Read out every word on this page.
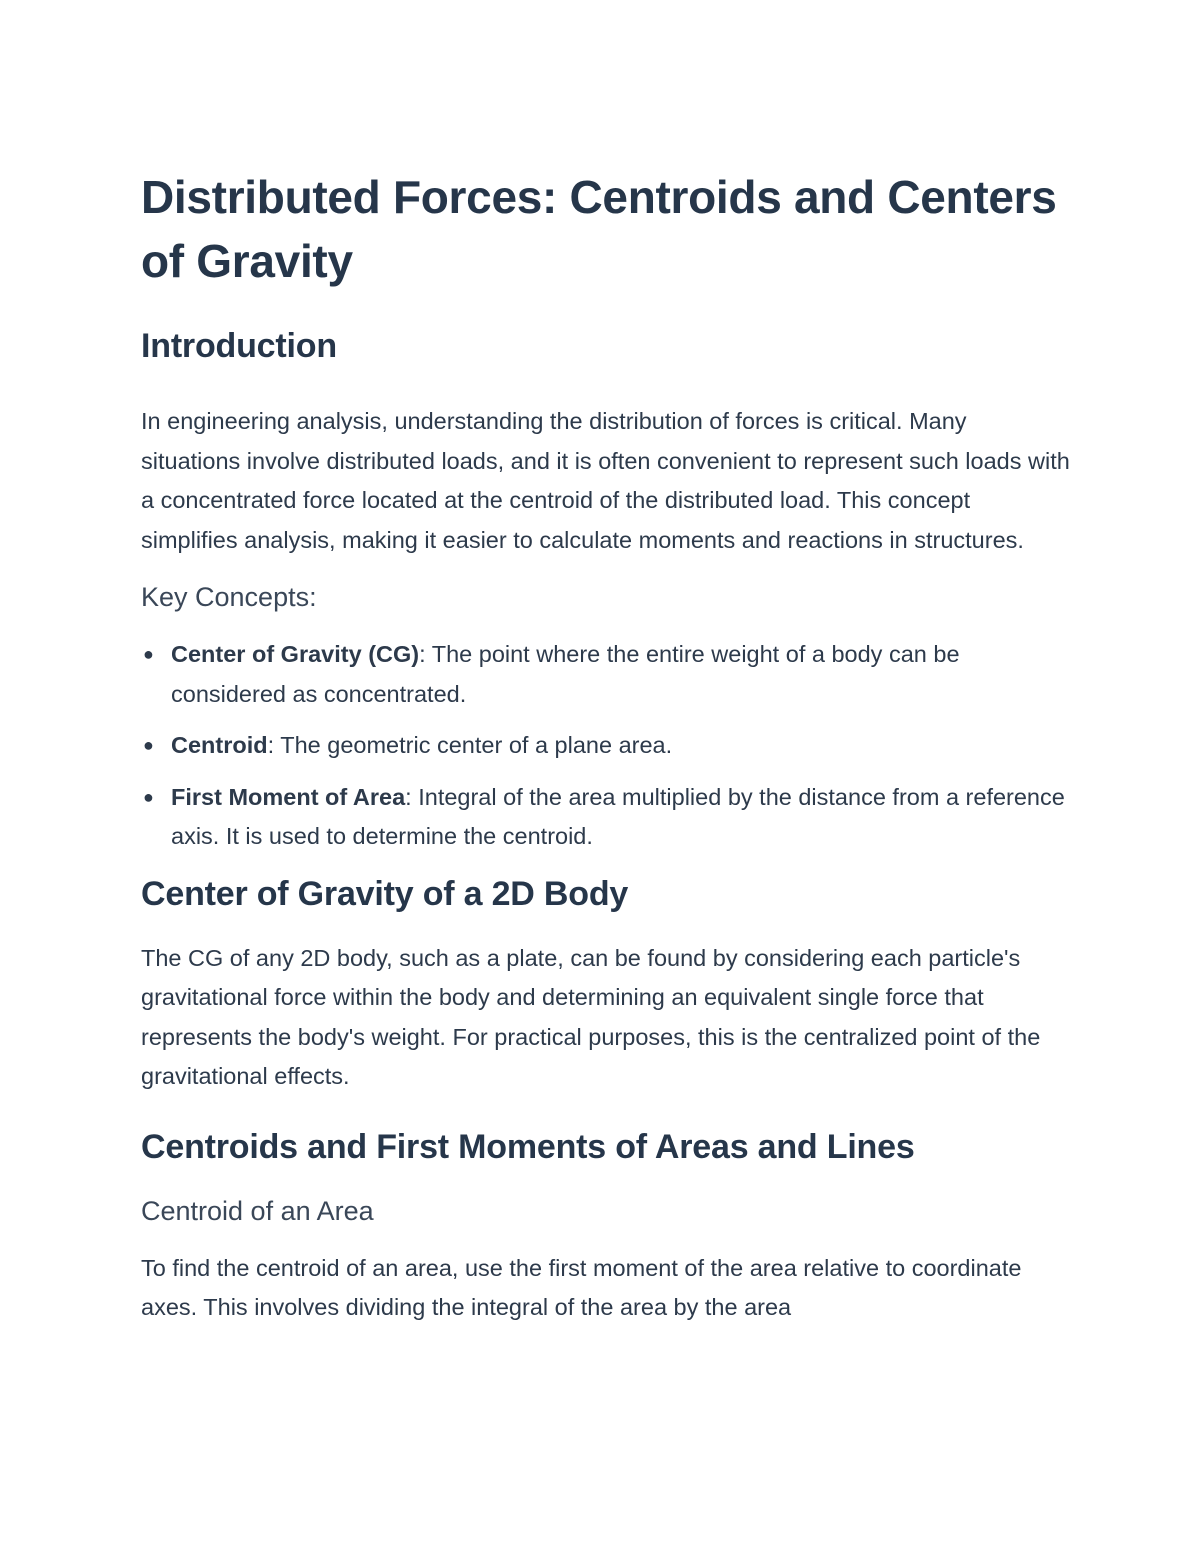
Distributed Forces: Centroids and Centers of Gravity
Introduction

In engineering analysis, understanding the distribution of forces is critical. Many situations involve distributed loads, and it is often convenient to represent such loads with a concentrated force located at the centroid of the distributed load. This concept simplifies analysis, making it easier to calculate moments and reactions in structures.

Key Concepts:
● Center of Gravity (CG): The point where the entire weight of a body can be considered as concentrated.
● Centroid: The geometric center of a plane area.
● First Moment of Area: Integral of the area multiplied by the distance from a reference axis. It is used to determine the centroid.
Center of Gravity of a 2D Body

The CG of any 2D body, such as a plate, can be found by considering each particle's gravitational force within the body and determining an equivalent single force that represents the body's weight. For practical purposes, this is the centralized point of the gravitational effects.

Centroids and First Moments of Areas and Lines
Centroid of an Area

To find the centroid of an area, use the first moment of the area relative to coordinate axes. This involves dividing the integral of the area by the area
